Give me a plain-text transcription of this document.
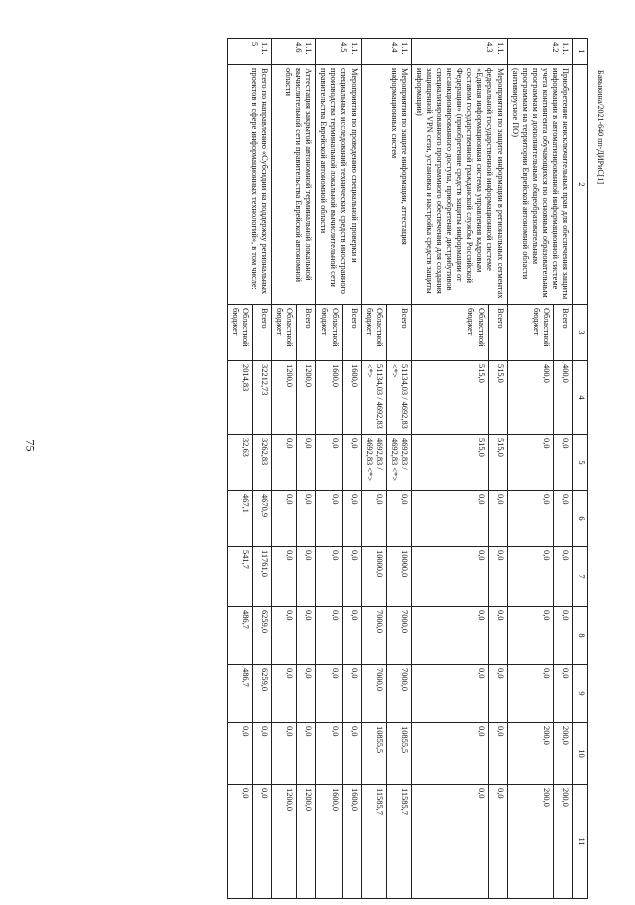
75
Бавыкина/2021-640 пп-ДИРиС[1]
1	2	3	4	5	6	7	8	9	10	11
1.1.
4.2	Приобретение неисключительных прав для обеспечения защиты информации в автоматизированной информационной системе учета контингента обучающихся по основным образовательным программам и дополнительным общеобразовательным программам на территории Еврейской автономной области (антивирусное ПО)	Всего	400,0	0,0	0,0	0,0	0,0	0,0	200,0	200,0
		Областной бюджет	400,0	0,0	0,0	0,0	0,0	0,0	200,0	200,0
1.1.
4.3	Мероприятия по защите информации в региональных сегментах федеральной государственной информационной системе «Единая информационная система управления кадровым составом государственной гражданской службы Российской Федерации» (приобретение средств защиты информации от несанкционированного доступа, приобретение дистрибутивов специализированного программного обеспечения для создания защищенной VPN сети, установка и настройка средств защиты информации)	Всего	515,0	515,0	0,0	0,0	0,0	0,0	0,0	0,0
		Областной бюджет	515,0	515,0	0,0	0,0	0,0	0,0	0,0	0,0
1.1.
4.4	Мероприятия по защите информации, аттестация информационных систем	Всего	51134,03 / 4692,83 <*>	4692,83 / 4692,83 <*>	0,0	10000,0	7000,0	7000,0	10855,5	11585,7
		Областной бюджет	51134,03 / 4692,83 <*>	4692,83 / 4692,83 <*>	0,0	10000,0	7000,0	7000,0	10855,5	11585,7
1.1.
4.5	Мероприятия по проведению специальной проверки и специальных исследований технических средств иностранного производства терминальной локальной вычислительной сети правительства Еврейской автономной области	Всего	1600,0	0,0	0,0	0,0	0,0	0,0	0,0	1600,0
		Областной бюджет	1600,0	0,0	0,0	0,0	0,0	0,0	0,0	1600,0
1.1.
4.6	Аттестация закрытой автономной терминальной локальной вычислительной сети правительства Еврейской автономной области	Всего	1200,0	0,0	0,0	0,0	0,0	0,0	0,0	1200,0
		Областной бюджет	1200,0	0,0	0,0	0,0	0,0	0,0	0,0	1200,0
1.1.
5	Всего по направлению «Субсидии на поддержку региональных проектов в сфере информационных технологий», в том числе:	Всего	32212,73	3262,83	4670,9	11761,0	6259,0	6259,0	0,0	0,0
		Областной бюджет	2014,83	32,63	467,1	541,7	486,7	486,7	0,0	0,0
